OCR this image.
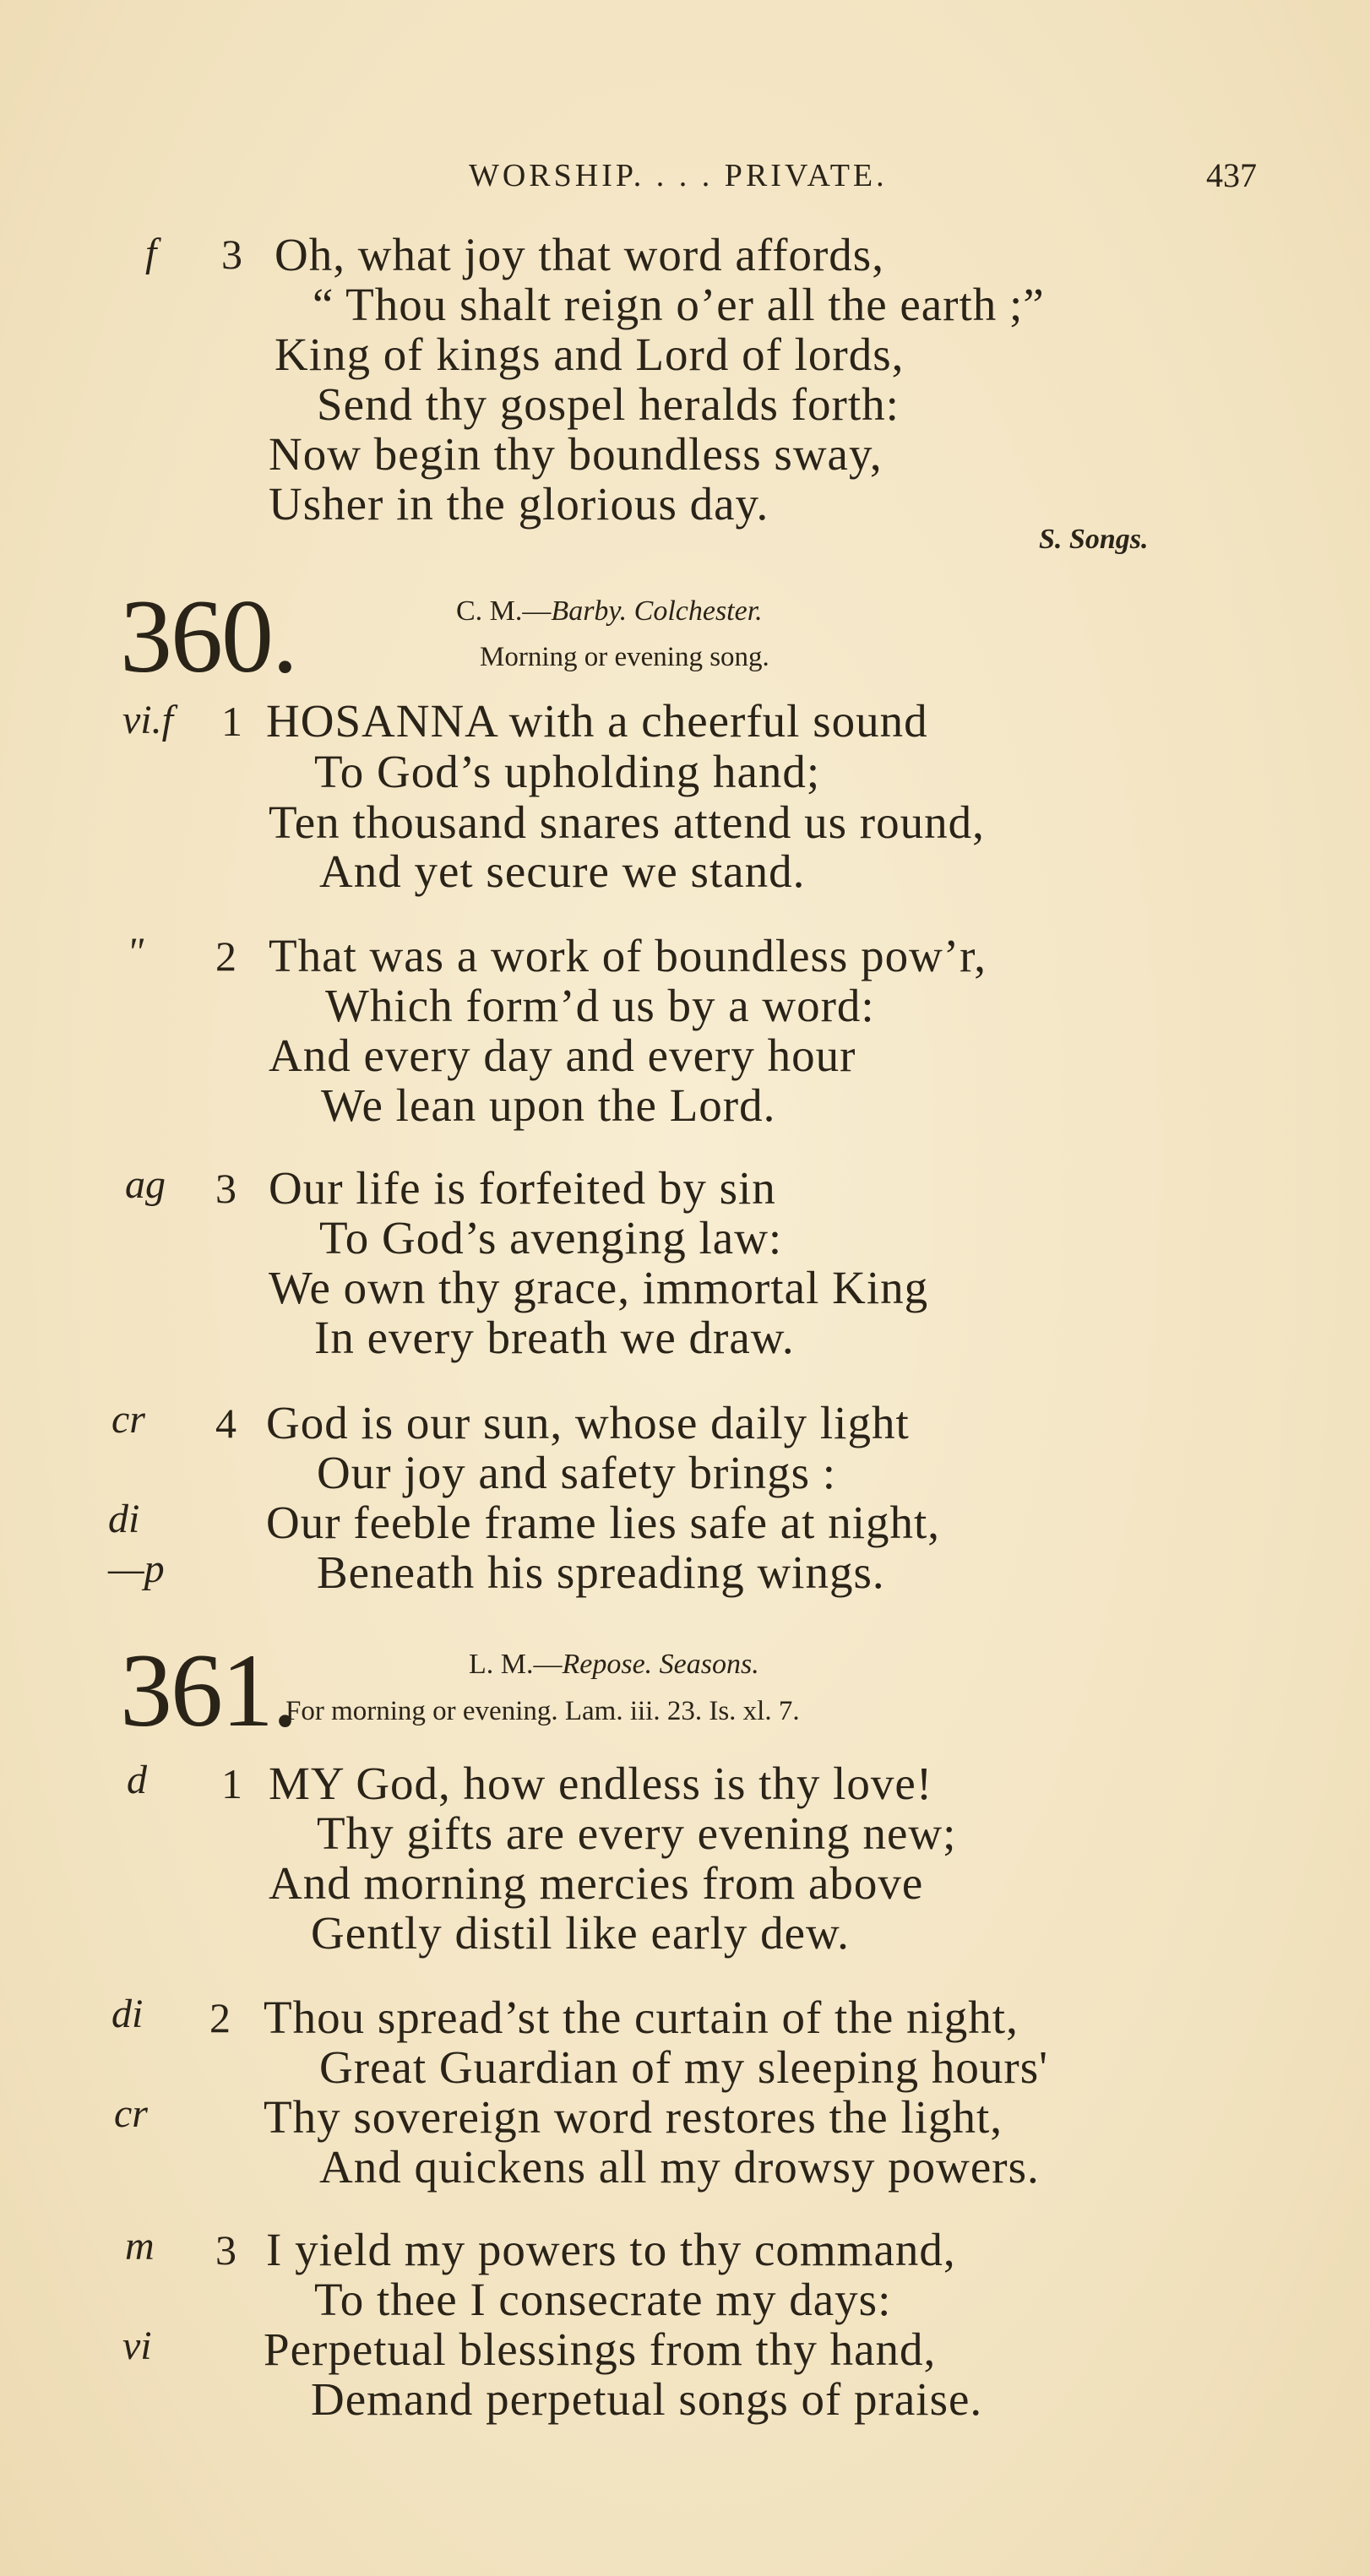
WORSHIP. . . . PRIVATE.	437
f 3 Oh, what joy that word affords,
“ Thou shalt reign o’er all the earth ;”
King of kings and Lord of lords,
Send thy gospel heralds forth:
Now begin thy boundless sway,
Usher in the glorious day.
S. Songs.
360.	C. M.—Barby. Colchester.
Morning or evening song.
vi.f 1 HOSANNA with a cheerful sound
To God’s upholding hand;
Ten thousand snares attend us round,
And yet secure we stand.
" 2 That was a work of boundless pow’r,
Which form’d us by a word:
And every day and every hour
We lean upon the Lord.
ag 3 Our life is forfeited by sin
To God’s avenging law:
We own thy grace, immortal King
In every breath we draw.
cr 4 God is our sun, whose daily light
Our joy and safety brings :
di	Our feeble frame lies safe at night,
—p	Beneath his spreading wings.
361.	L. M.—Repose. Seasons.
For morning or evening. Lam. iii. 23. Is. xl. 7.
d 1 MY God, how endless is thy love!
Thy gifts are every evening new;
And morning mercies from above
Gently distil like early dew.
di 2 Thou spread’st the curtain of the night,
Great Guardian of my sleeping hours'
cr Thy sovereign word restores the light,
And quickens all my drowsy powers.
m 3 I yield my powers to thy command,
To thee I consecrate my days:
vi Perpetual blessings from thy hand,
Demand perpetual songs of praise.
